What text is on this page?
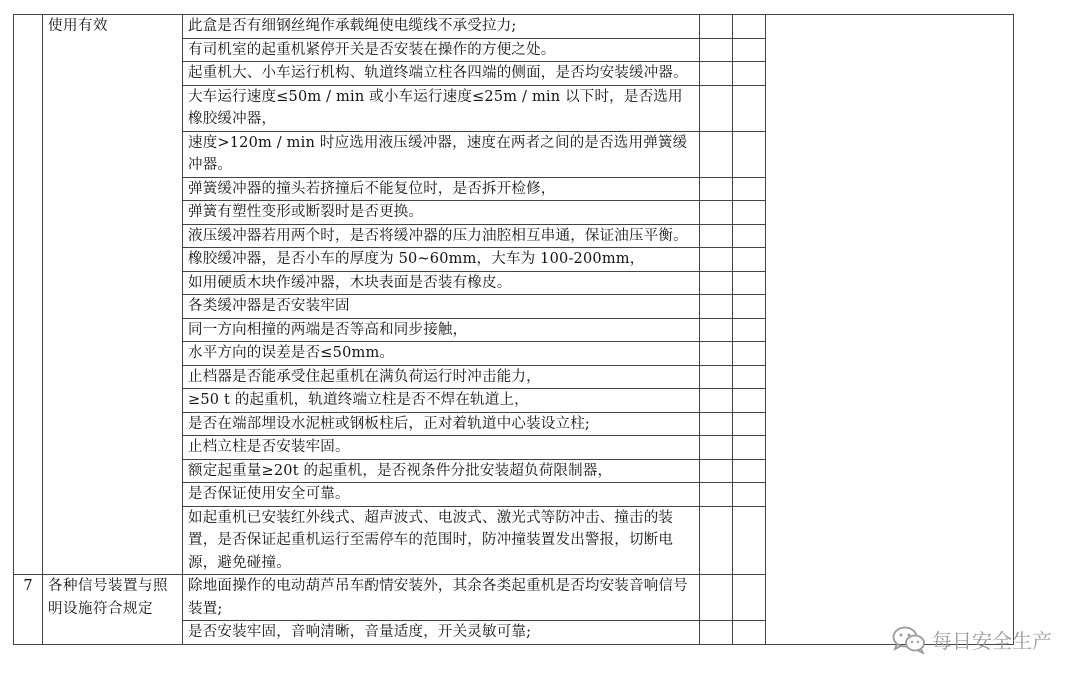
	使用有效	此盒是否有细钢丝绳作承载绳使电缆线不承受拉力;			
		有司机室的起重机紧停开关是否安装在操作的方便之处。			
		起重机大、小车运行机构、轨道终端立柱各四端的侧面，是否均安装缓冲器。			
		大车运行速度≤50m / min 或小车运行速度≤25m / min 以下时，是否选用橡胶缓冲器，			
		速度>120m / min 时应选用液压缓冲器，速度在两者之间的是否选用弹簧缓冲器。			
		弹簧缓冲器的撞头若挤撞后不能复位时，是否拆开检修，			
		弹簧有塑性变形或断裂时是否更换。			
		液压缓冲器若用两个时，是否将缓冲器的压力油腔相互串通，保证油压平衡。			
		橡胶缓冲器，是否小车的厚度为 50~60mm，大车为 100-200mm，			
		如用硬质木块作缓冲器，木块表面是否装有橡皮。			
		各类缓冲器是否安装牢固			
		同一方向相撞的两端是否等高和同步接触，			
		水平方向的误差是否≤50mm。			
		止档器是否能承受住起重机在满负荷运行时冲击能力，			
		≥50 t 的起重机，轨道终端立柱是否不焊在轨道上，			
		是否在端部埋设水泥桩或钢板柱后，正对着轨道中心装设立柱;			
		止档立柱是否安装牢固。			
		额定起重量≥20t 的起重机，是否视条件分批安装超负荷限制器，			
		是否保证使用安全可靠。			
		如起重机已安装红外线式、超声波式、电波式、激光式等防冲击、撞击的装置，是否保证起重机运行至需停车的范围时，防冲撞装置发出警报，切断电源，避免碰撞。			
7	各种信号装置与照明设施符合规定	除地面操作的电动葫芦吊车酌情安装外，其余各类起重机是否均安装音响信号装置;			
		是否安装牢固，音响清晰，音量适度，开关灵敏可靠;				每日安全生产
